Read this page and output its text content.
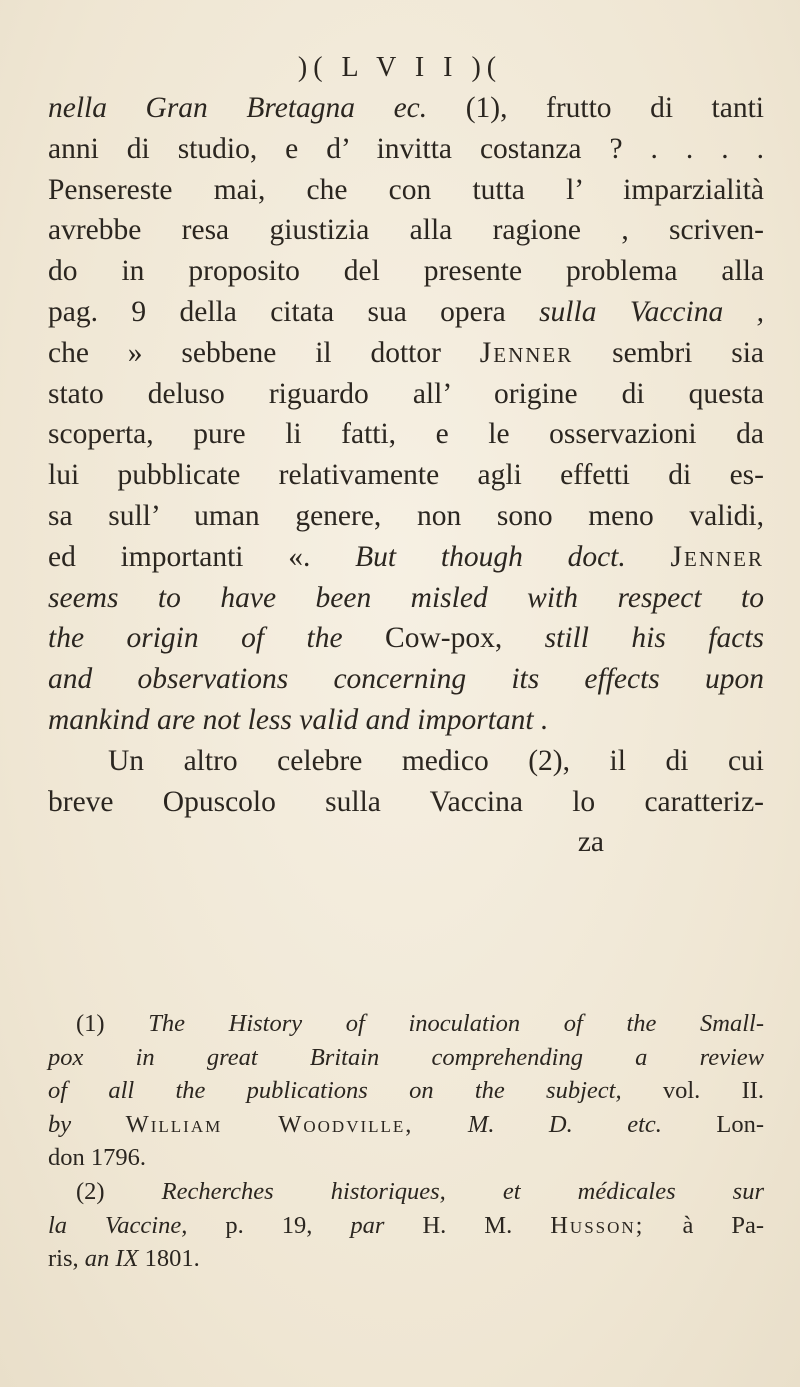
)( L V I I )(
nella Gran Bretagna ec. (1), frutto di tanti
anni di studio, e d’ invitta costanza ? . . . .
Pensereste mai, che con tutta l’ imparzialità
avrebbe resa giustizia alla ragione , scriven-
do in proposito del presente problema alla
pag. 9 della citata sua opera sulla Vaccina ,
che » sebbene il dottor Jenner sembri sia
stato deluso riguardo all’ origine di questa
scoperta, pure li fatti, e le osservazioni da
lui pubblicate relativamente agli effetti di es-
sa sull’ uman genere, non sono meno validi,
ed importanti «. But though doct. Jenner
seems to have been misled with respect to
the origin of the Cow-pox, still his facts
and observations concerning its effects upon
mankind are not less valid and important .
Un altro celebre medico (2), il di cui
breve Opuscolo sulla Vaccina lo caratteriz-
za
(1) The History of inoculation of the Small-
pox in great Britain comprehending a review
of all the publications on the subject, vol. II.
by William Woodville, M. D. etc. Lon-
don 1796.
(2) Recherches historiques, et médicales sur
la Vaccine, p. 19, par H. M. Husson; à Pa-
ris, an IX 1801.
